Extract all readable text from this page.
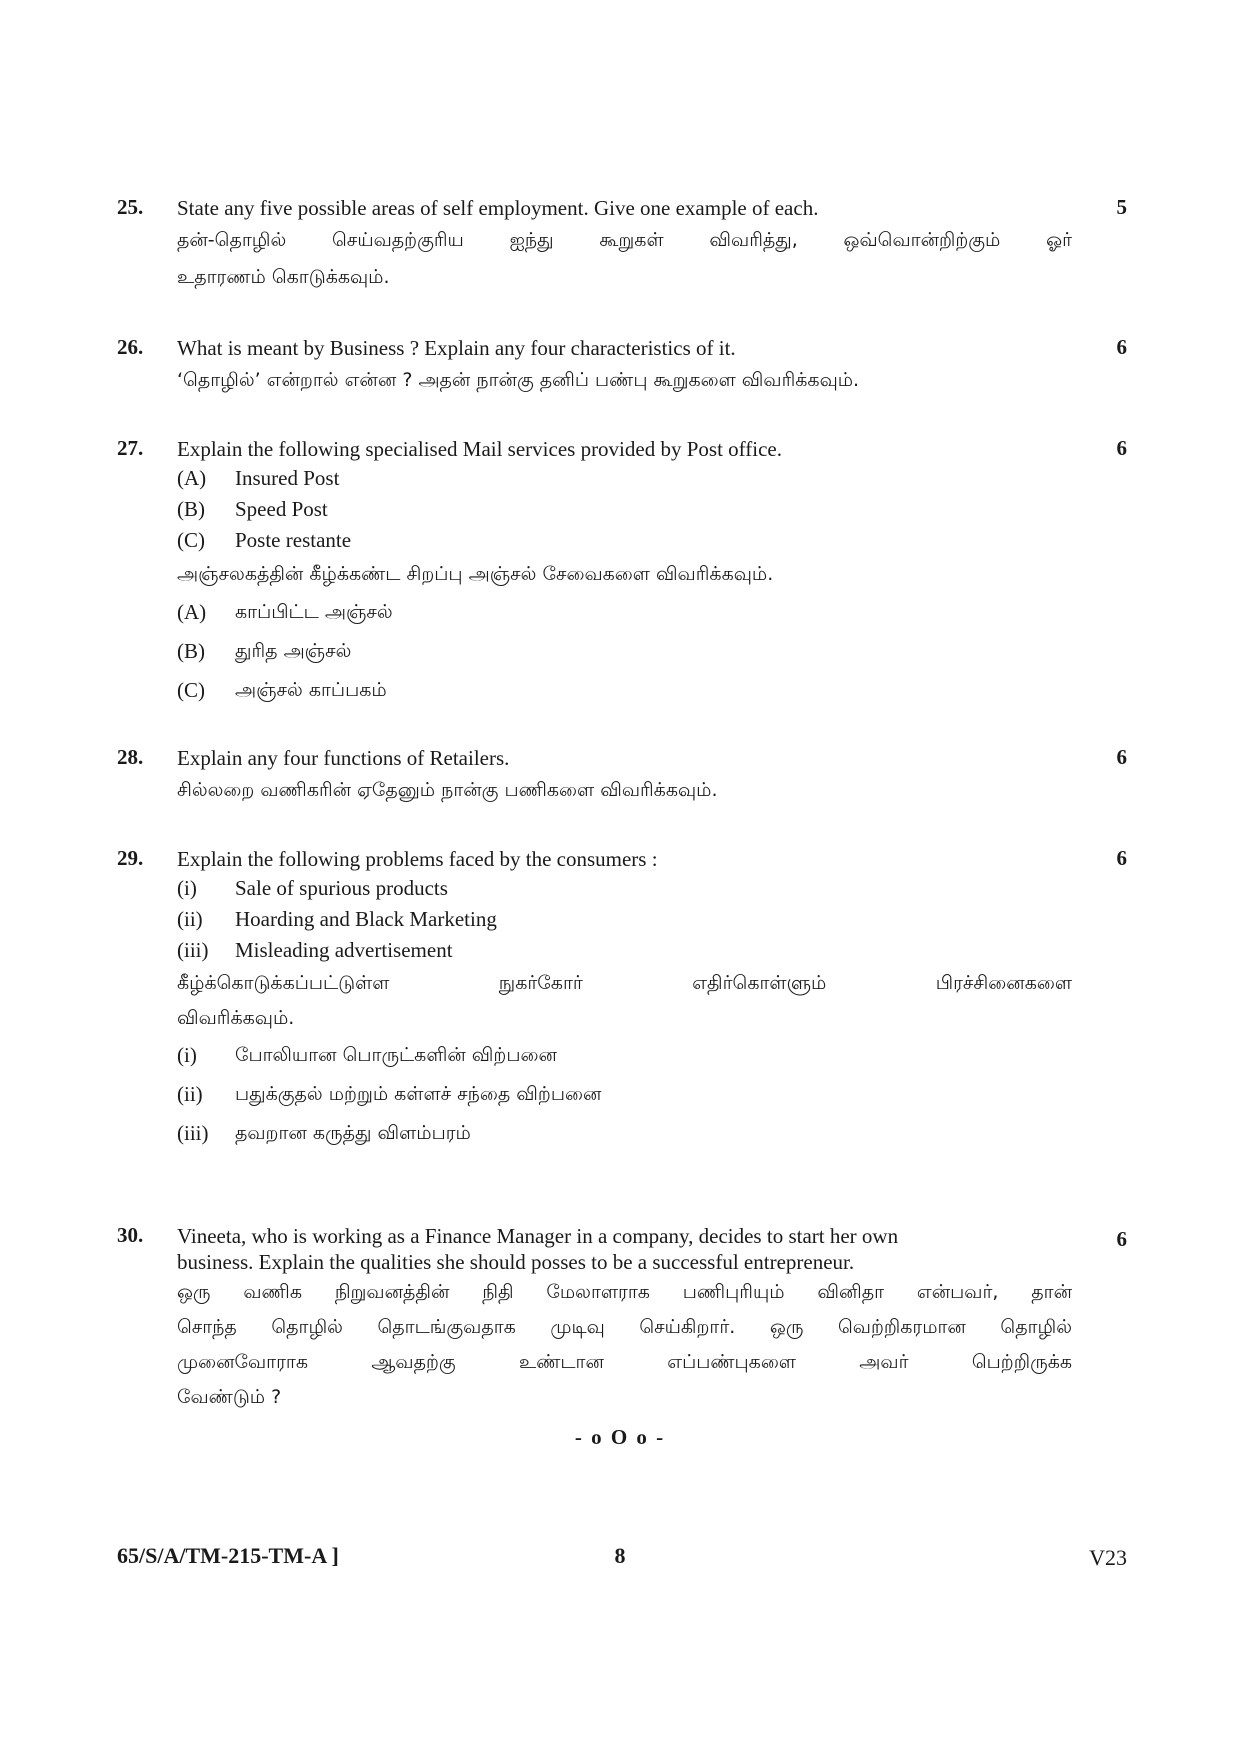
25.	5

State any five possible areas of self employment. Give one example of each.

தன்-தொழில் செய்வதற்குரிய ஐந்து கூறுகள் விவரித்து, ஒவ்வொன்றிற்கும் ஓர்

உதாரணம் கொடுக்கவும்.

26.	6

What is meant by Business ? Explain any four characteristics of it.

‘தொழில்’ என்றால் என்ன ? அதன் நான்கு தனிப் பண்பு கூறுகளை விவரிக்கவும்.

27.	6

Explain the following specialised Mail services provided by Post office.

(A)	Insured Post
(B)	Speed Post
(C)	Poste restante

அஞ்சலகத்தின் கீழ்க்கண்ட சிறப்பு அஞ்சல் சேவைகளை விவரிக்கவும்.

(A)	காப்பிட்ட அஞ்சல்
(B)	துரித அஞ்சல்
(C)	அஞ்சல் காப்பகம்
28.	6

Explain any four functions of Retailers.

சில்லறை வணிகரின் ஏதேனும் நான்கு பணிகளை விவரிக்கவும்.

29.	6

Explain the following problems faced by the consumers :

(i)	Sale of spurious products
(ii)	Hoarding and Black Marketing
(iii)	Misleading advertisement

கீழ்க்கொடுக்கப்பட்டுள்ள நுகர்கோர் எதிர்கொள்ளும் பிரச்சினைகளை

விவரிக்கவும்.

(i)	போலியான பொருட்களின் விற்பனை
(ii)	பதுக்குதல் மற்றும் கள்ளச் சந்தை விற்பனை
(iii)	தவறான கருத்து விளம்பரம்
30.	6

Vineeta, who is working as a Finance Manager in a company, decides to start her own

business. Explain the qualities she should posses to be a successful entrepreneur.

ஒரு வணிக நிறுவனத்தின் நிதி மேலாளராக பணிபுரியும் வினிதா என்பவர், தான்

சொந்த தொழில் தொடங்குவதாக முடிவு செய்கிறார். ஒரு வெற்றிகரமான தொழில்

முனைவோராக ஆவதற்கு உண்டான எப்பண்புகளை அவர் பெற்றிருக்க

வேண்டும் ?

- o O o -
65/S/A/TM-215-TM-A ]	8	V23
